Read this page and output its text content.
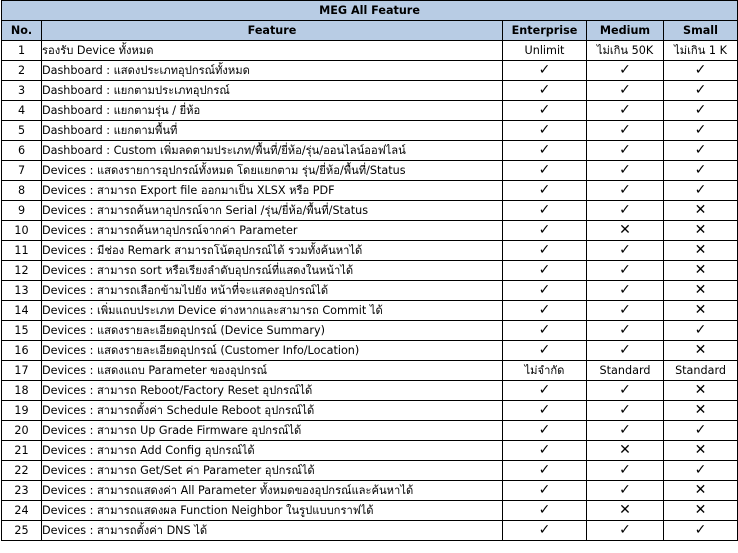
MEG All Feature				
No.	Feature	Enterprise	Medium	Small
1	รองรับ Device ทั้งหมด	Unlimit	ไม่เกิน 50K	ไม่เกิน 1 K
2	Dashboard : แสดงประเภทอุปกรณ์ทั้งหมด	✓	✓	✓
3	Dashboard : แยกตามประเภทอุปกรณ์	✓	✓	✓
4	Dashboard : แยกตามรุ่น / ยี่ห้อ	✓	✓	✓
5	Dashboard : แยกตามพื้นที่	✓	✓	✓
6	Dashboard : Custom เพิ่มลดตามประเภท/พื้นที่/ยี่ห้อ/รุ่น/ออนไลน์ออฟไลน์	✓	✓	✓
7	Devices : แสดงรายการอุปกรณ์ทั้งหมด โดยแยกตาม รุ่น/ยี่ห้อ/พื้นที่/Status	✓	✓	✓
8	Devices : สามารถ Export file ออกมาเป็น XLSX หรือ PDF	✓	✓	✓
9	Devices : สามารถค้นหาอุปกรณ์จาก Serial /รุ่น/ยี่ห้อ/พื้นที่/Status	✓	✓	✕
10	Devices : สามารถค้นหาอุปกรณ์จากค่า Parameter	✓	✕	✕
11	Devices : มีช่อง Remark สามารถโน้ตอุปกรณ์ได้ รวมทั้งค้นหาได้	✓	✓	✕
12	Devices : สามารถ sort หรือเรียงลำดับอุปกรณ์ที่แสดงในหน้าได้	✓	✓	✕
13	Devices : สามารถเลือกข้ามไปยัง หน้าที่จะแสดงอุปกรณ์ได้	✓	✓	✕
14	Devices : เพิ่มแถบประเภท Device ต่างหากและสามารถ Commit ได้	✓	✓	✕
15	Devices : แสดงรายละเอียดอุปกรณ์ (Device Summary)	✓	✓	✓
16	Devices : แสดงรายละเอียดอุปกรณ์ (Customer Info/Location)	✓	✓	✕
17	Devices : แสดงแถบ Parameter ของอุปกรณ์	ไม่จำกัด	Standard	Standard
18	Devices : สามารถ Reboot/Factory Reset อุปกรณ์ได้	✓	✓	✕
19	Devices : สามารถตั้งค่า Schedule Reboot อุปกรณ์ได้	✓	✓	✕
20	Devices : สามารถ Up Grade Firmware อุปกรณ์ได้	✓	✓	✓
21	Devices : สามารถ Add Config อุปกรณ์ได้	✓	✕	✕
22	Devices : สามารถ Get/Set ค่า Parameter อุปกรณ์ได้	✓	✓	✓
23	Devices : สามารถแสดงค่า All Parameter ทั้งหมดของอุปกรณ์และค้นหาได้	✓	✓	✕
24	Devices : สามารถแสดงผล Function Neighbor ในรูปแบบกราฟได้	✓	✕	✕
25	Devices : สามารถตั้งค่า DNS ได้	✓	✓	✓
